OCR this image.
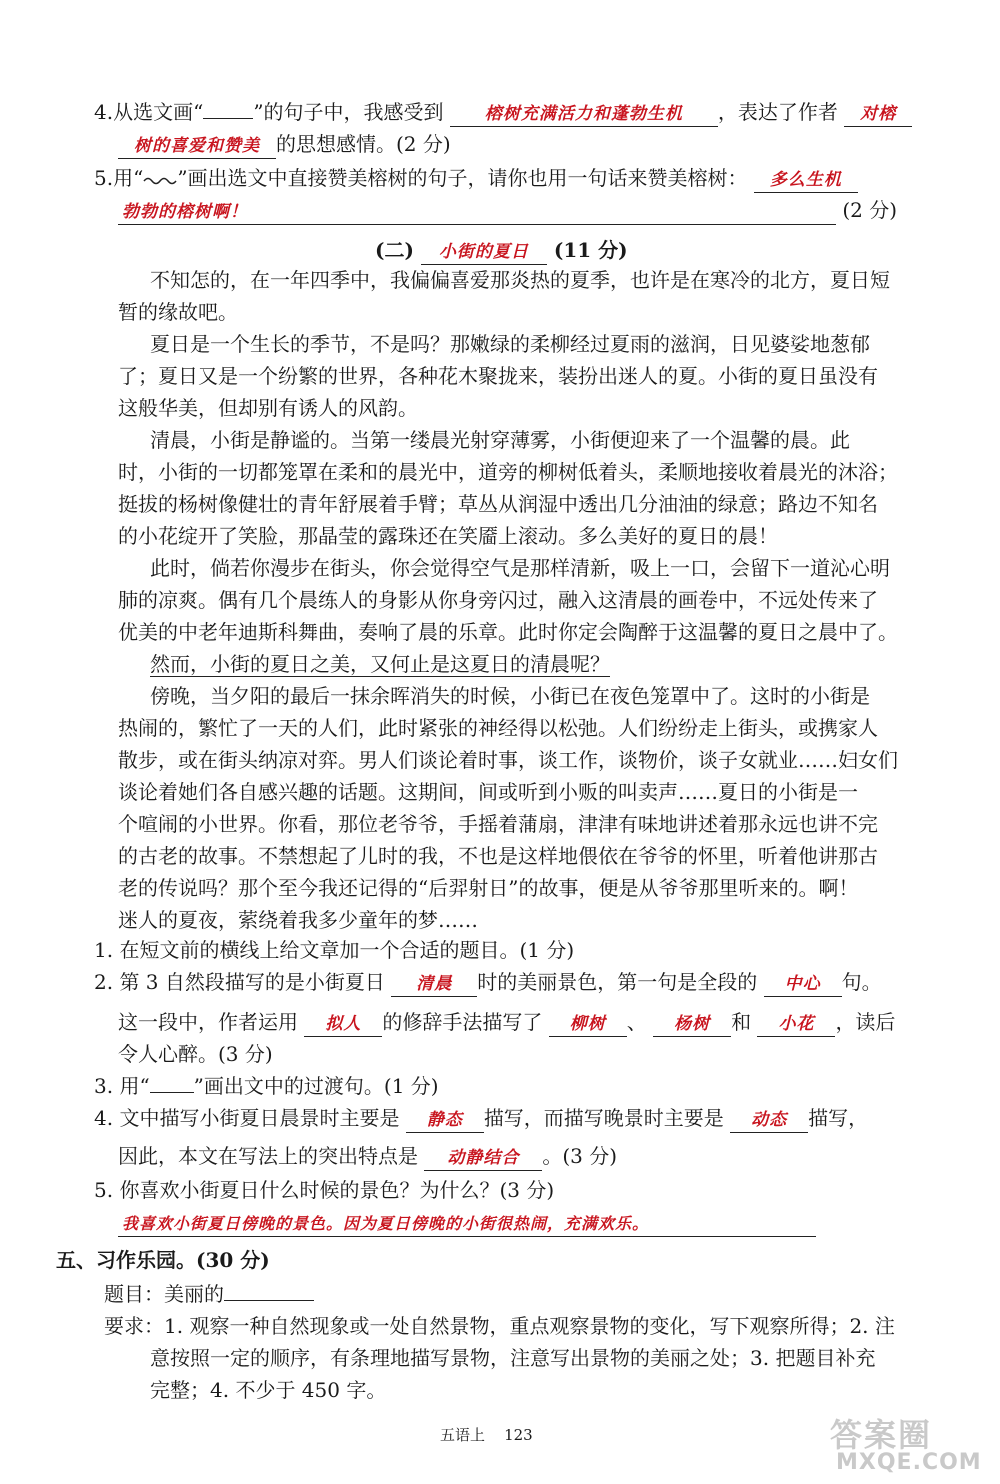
4.从选文画“	”的句子中，我感受到 榕树充满活力和蓬勃生机 ，表达了作者 对榕
树的喜爱和赞美 的思想感情。(2 分)
5.用“ ”画出选文中直接赞美榕树的句子，请你也用一句话来赞美榕树： 多么生机
勃勃的榕树啊！	(2 分)
(二) 小街的夏日 (11 分)
不知怎的，在一年四季中，我偏偏喜爱那炎热的夏季，也许是在寒冷的北方，夏日短
暂的缘故吧。
夏日是一个生长的季节，不是吗？那嫩绿的柔柳经过夏雨的滋润，日见婆娑地葱郁
了；夏日又是一个纷繁的世界，各种花木聚拢来，装扮出迷人的夏。小街的夏日虽没有
这般华美，但却别有诱人的风韵。
清晨，小街是静谧的。当第一缕晨光射穿薄雾，小街便迎来了一个温馨的晨。此
时，小街的一切都笼罩在柔和的晨光中，道旁的柳树低着头，柔顺地接收着晨光的沐浴；
挺拔的杨树像健壮的青年舒展着手臂；草丛从润湿中透出几分油油的绿意；路边不知名
的小花绽开了笑脸，那晶莹的露珠还在笑靥上滚动。多么美好的夏日的晨！
此时，倘若你漫步在街头，你会觉得空气是那样清新，吸上一口，会留下一道沁心明
肺的凉爽。偶有几个晨练人的身影从你身旁闪过，融入这清晨的画卷中，不远处传来了
优美的中老年迪斯科舞曲，奏响了晨的乐章。此时你定会陶醉于这温馨的夏日之晨中了。
然而，小街的夏日之美，又何止是这夏日的清晨呢？
傍晚，当夕阳的最后一抹余晖消失的时候，小街已在夜色笼罩中了。这时的小街是
热闹的，繁忙了一天的人们，此时紧张的神经得以松弛。人们纷纷走上街头，或携家人
散步，或在街头纳凉对弈。男人们谈论着时事，谈工作，谈物价，谈子女就业……妇女们
谈论着她们各自感兴趣的话题。这期间，间或听到小贩的叫卖声……夏日的小街是一
个喧闹的小世界。你看，那位老爷爷，手摇着蒲扇，津津有味地讲述着那永远也讲不完
的古老的故事。不禁想起了儿时的我，不也是这样地偎依在爷爷的怀里，听着他讲那古
老的传说吗？那个至今我还记得的“后羿射日”的故事，便是从爷爷那里听来的。啊！
迷人的夏夜，萦绕着我多少童年的梦……
1. 在短文前的横线上给文章加一个合适的题目。(1 分)
2. 第 3 自然段描写的是小街夏日 清晨 时的美丽景色，第一句是全段的 中心 句。
这一段中，作者运用 拟人 的修辞手法描写了 柳树 、 杨树 和 小花 ，读后
令人心醉。(3 分)
3. 用“ ”画出文中的过渡句。(1 分)
4. 文中描写小街夏日晨景时主要是 静态 描写，而描写晚景时主要是 动态 描写，
因此，本文在写法上的突出特点是 动静结合 。(3 分)
5. 你喜欢小街夏日什么时候的景色？为什么？(3 分)
我喜欢小街夏日傍晚的景色。因为夏日傍晚的小街很热闹，充满欢乐。
五、习作乐园。(30 分)
题目：美丽的
要求：1. 观察一种自然现象或一处自然景物，重点观察景物的变化，写下观察所得；2. 注
意按照一定的顺序，有条理地描写景物，注意写出景物的美丽之处；3. 把题目补充
完整；4. 不少于 450 字。
五语上 123	答案圈
MXQE.COM
